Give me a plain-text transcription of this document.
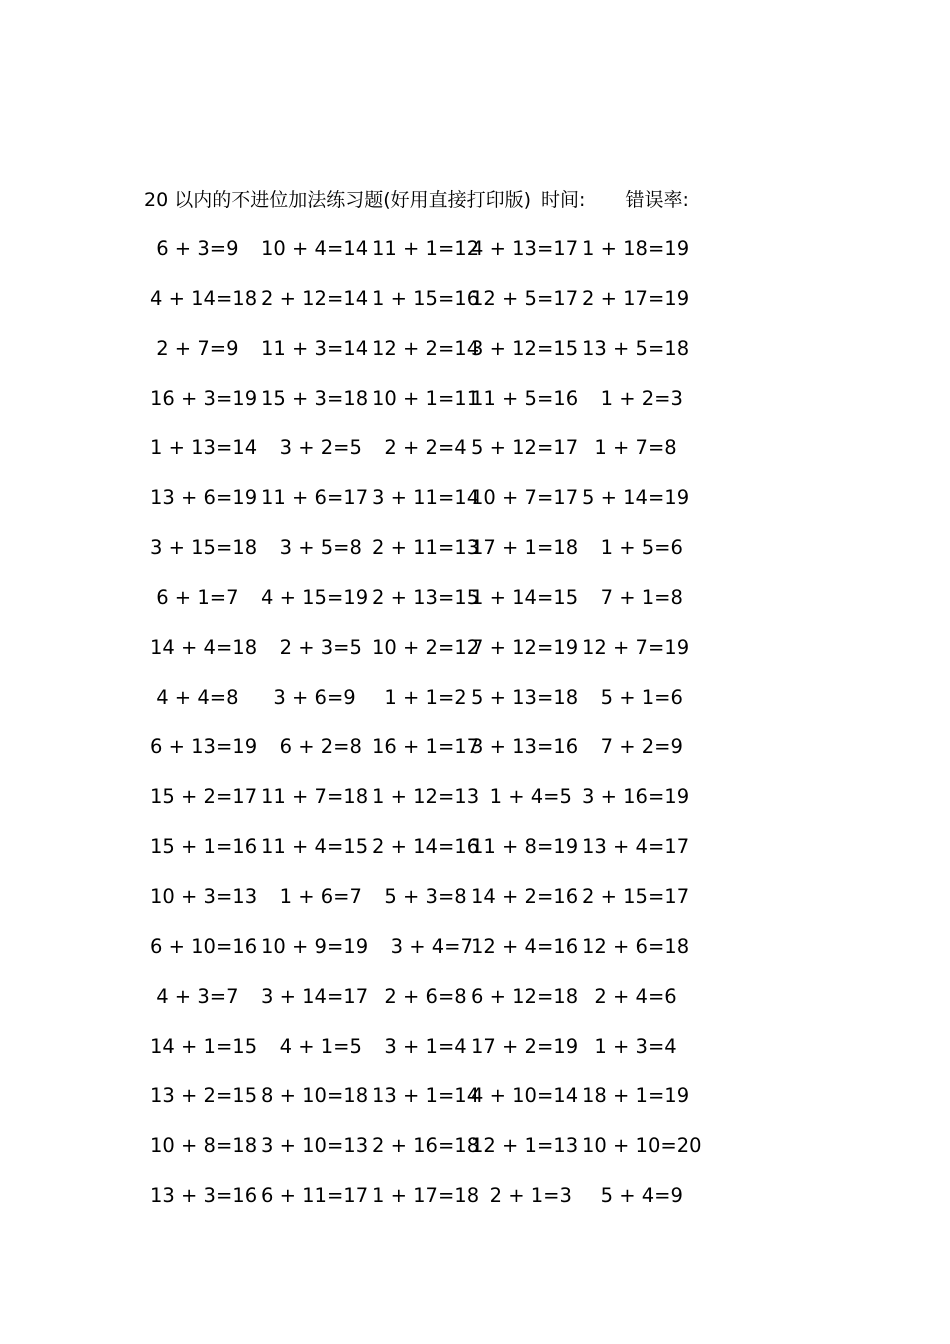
20 以内的不进位加法练习题(好用直接打印版) 时间: 错误率:
6 + 3=9 10 + 4=14 11 + 1=12
4 + 13=17 1 + 18=19
4 + 14=18 2 + 12=14 1 + 15=16
12 + 5=17 2 + 17=19
2 + 7=9 11 + 3=14 12 + 2=14
3 + 12=15 13 + 5=18
16 + 3=19 15 + 3=18 10 + 1=11
11 + 5=16 1 + 2=3
1 + 13=14 3 + 2=5 2 + 2=4 5 + 12=17 1 + 7=8
13 + 6=19 11 + 6=17 3 + 11=14
10 + 7=17 5 + 14=19
3 + 15=18 3 + 5=8 2 + 11=13
17 + 1=18 1 + 5=6
6 + 1=7 4 + 15=19 2 + 13=15
1 + 14=15 7 + 1=8
14 + 4=18 2 + 3=5 10 + 2=12
7 + 12=19 12 + 7=19
4 + 4=8 3 + 6=9 1 + 1=2 5 + 13=18 5 + 1=6
6 + 13=19 6 + 2=8 16 + 1=17
3 + 13=16 7 + 2=9
15 + 2=17 11 + 7=18 1 + 12=13
1 + 4=5 3 + 16=19
15 + 1=16 11 + 4=15 2 + 14=16
11 + 8=19 13 + 4=17
10 + 3=13 1 + 6=7 5 + 3=8 14 + 2=16 2 + 15=17
6 + 10=16 10 + 9=19 3 + 4=7
12 + 4=16 12 + 6=18
4 + 3=7 3 + 14=17 2 + 6=8 6 + 12=18 2 + 4=6
14 + 1=15 4 + 1=5 3 + 1=4 17 + 2=19 1 + 3=4
13 + 2=15 8 + 10=18 13 + 1=14
4 + 10=14 18 + 1=19
10 + 8=18 3 + 10=13 2 + 16=18
12 + 1=13 10 + 10=20
13 + 3=16 6 + 11=17 1 + 17=18
2 + 1=3 5 + 4=9
